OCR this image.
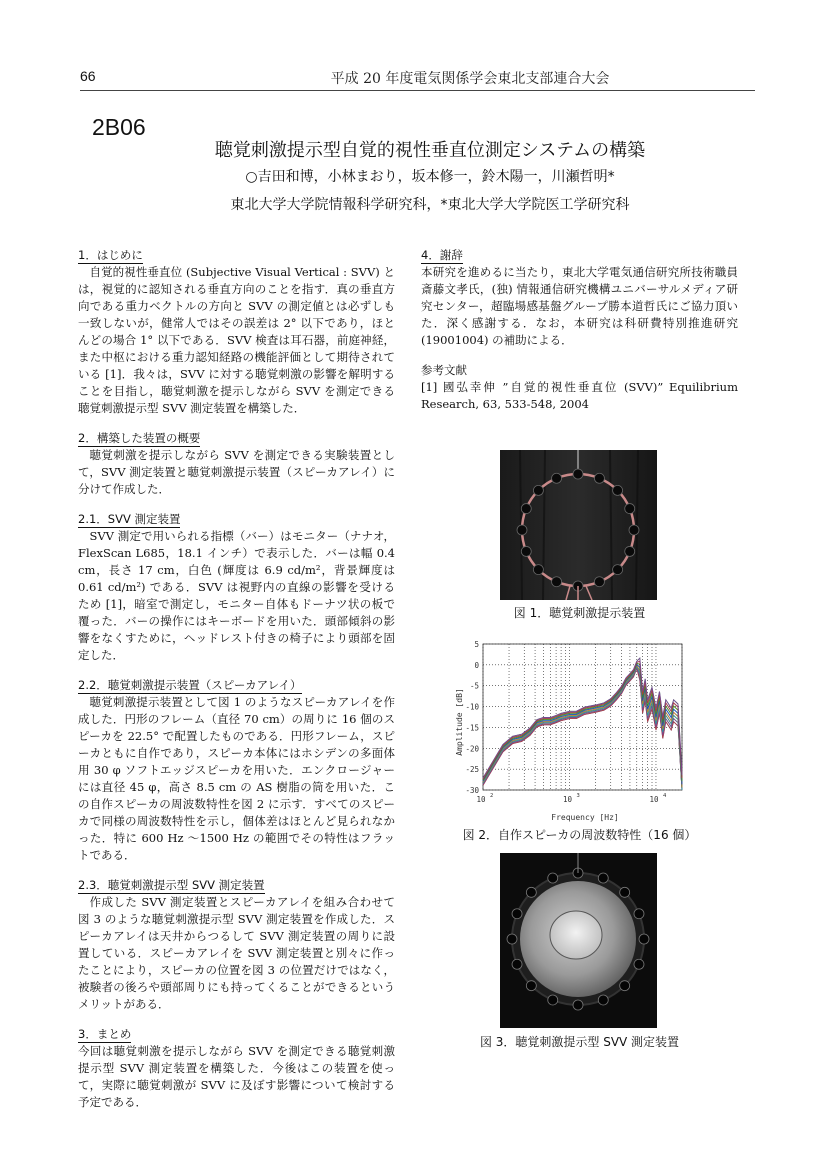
66	平成 20 年度電気関係学会東北支部連合大会
2B06
聴覚刺激提示型自覚的視性垂直位測定システムの構築
○吉田和博，小林まおり，坂本修一，鈴木陽一，川瀬哲明*
東北大学大学院情報科学研究科，*東北大学大学院医工学研究科
1．はじめに

自覚的視性垂直位 (Subjective Visual Vertical : SVV) とは，視覚的に認知される垂直方向のことを指す．真の垂直方向である重力ベクトルの方向と SVV の測定値とは必ずしも一致しないが，健常人ではその誤差は 2° 以下であり，ほとんどの場合 1° 以下である．SVV 検査は耳石器，前庭神経，また中枢における重力認知経路の機能評価として期待されている [1]．我々は，SVV に対する聴覚刺激の影響を解明することを目指し，聴覚刺激を提示しながら SVV を測定できる聴覚刺激提示型 SVV 測定装置を構築した．

2．構築した装置の概要

聴覚刺激を提示しながら SVV を測定できる実験装置として，SVV 測定装置と聴覚刺激提示装置（スピーカアレイ）に分けて作成した．

2.1．SVV 測定装置

SVV 測定で用いられる指標（バー）はモニター（ナナオ，FlexScan L685，18.1 インチ）で表示した．バーは幅 0.4 cm，長さ 17 cm，白色 (輝度は 6.9 cd/m²，背景輝度は 0.61 cd/m²) である．SVV は視野内の直線の影響を受けるため [1]，暗室で測定し，モニター自体もドーナツ状の板で覆った．バーの操作にはキーボードを用いた．頭部傾斜の影響をなくすために，ヘッドレスト付きの椅子により頭部を固定した．

2.2．聴覚刺激提示装置（スピーカアレイ）

聴覚刺激提示装置として図 1 のようなスピーカアレイを作成した．円形のフレーム（直径 70 cm）の周りに 16 個のスピーカを 22.5° で配置したものである．円形フレーム，スピーカともに自作であり，スピーカ本体にはホシデンの多面体用 30 φ ソフトエッジスピーカを用いた．エンクロージャーには直径 45 φ，高さ 8.5 cm の AS 樹脂の筒を用いた．この自作スピーカの周波数特性を図 2 に示す．すべてのスピーカで同様の周波数特性を示し，個体差はほとんど見られなかった．特に 600 Hz ～1500 Hz の範囲でその特性はフラットである．

2.3．聴覚刺激提示型 SVV 測定装置

作成した SVV 測定装置とスピーカアレイを組み合わせて図 3 のような聴覚刺激提示型 SVV 測定装置を作成した．スピーカアレイは天井からつるして SVV 測定装置の周りに設置している．スピーカアレイを SVV 測定装置と別々に作ったことにより，スピーカの位置を図 3 の位置だけではなく，被験者の後ろや頭部周りにも持ってくることができるというメリットがある．

3．まとめ

今回は聴覚刺激を提示しながら SVV を測定できる聴覚刺激提示型 SVV 測定装置を構築した．今後はこの装置を使って，実際に聴覚刺激が SVV に及ぼす影響について検討する予定である．

4．謝辞

本研究を進めるに当たり，東北大学電気通信研究所技術職員斎藤文孝氏，(独) 情報通信研究機構ユニバーサルメディア研究センター，超臨場感基盤グループ勝本道哲氏にご協力頂いた．深く感謝する．なお，本研究は科研費特別推進研究 (19001004) の補助による．

参考文献

[1] 國弘幸伸 ”自覚的視性垂直位 (SVV)” Equilibrium Research, 63, 533-548, 2004

図 1．聴覚刺激提示装置
5
0
-5
-10
-15
-20
-25
-30
10 2	10 3	10 4
Frequency [Hz]
Amplitude [dB]
図 2．自作スピーカの周波数特性（16 個）
図 3．聴覚刺激提示型 SVV 測定装置
